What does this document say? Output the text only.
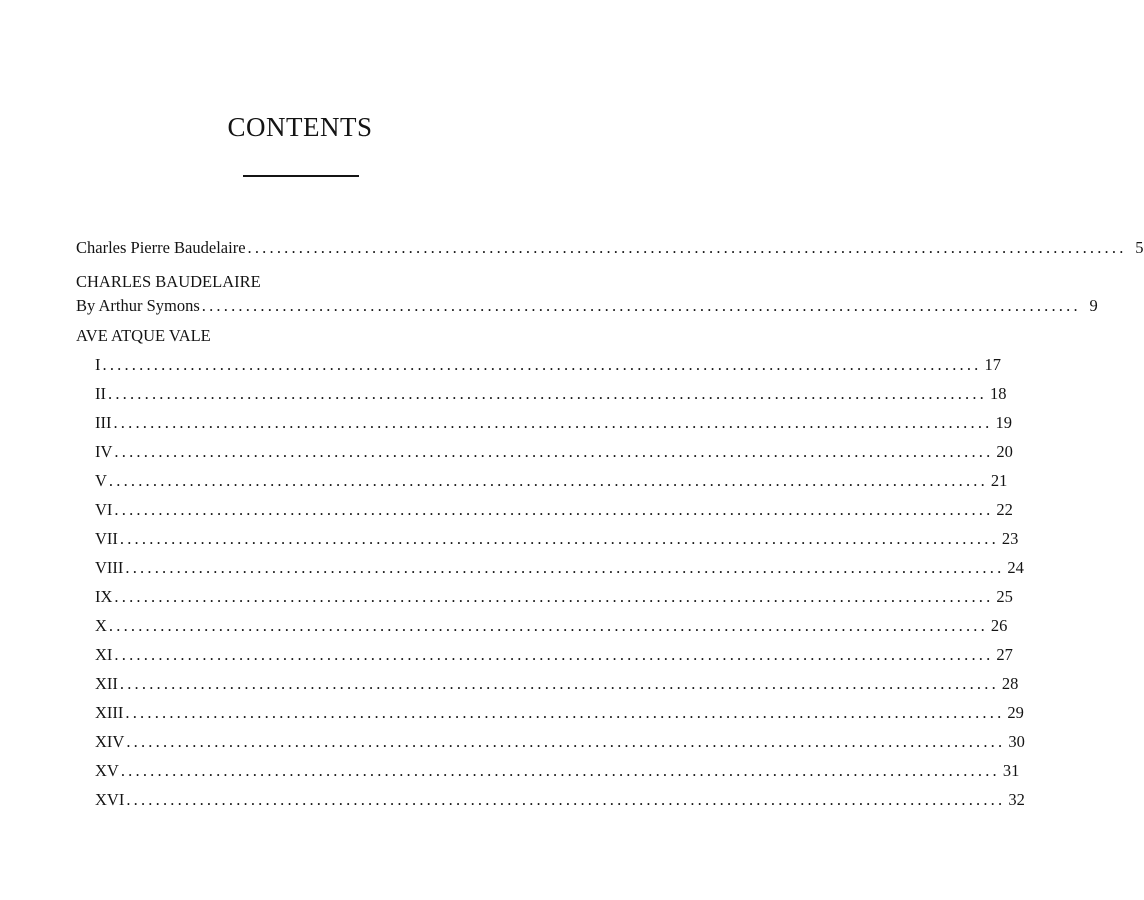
CONTENTS
Charles Pierre Baudelaire ........................................................................................................................ 5
CHARLES BAUDELAIRE
By Arthur Symons ........................................................................................................................ 9
AVE ATQUE VALE
I ........................................................................................................................ 17
II ........................................................................................................................ 18
III ........................................................................................................................ 19
IV ........................................................................................................................ 20
V ........................................................................................................................ 21
VI ........................................................................................................................ 22
VII ........................................................................................................................ 23
VIII ........................................................................................................................ 24
IX ........................................................................................................................ 25
X ........................................................................................................................ 26
XI ........................................................................................................................ 27
XII ........................................................................................................................ 28
XIII ........................................................................................................................ 29
XIV ........................................................................................................................ 30
XV ........................................................................................................................ 31
XVI ........................................................................................................................ 32
